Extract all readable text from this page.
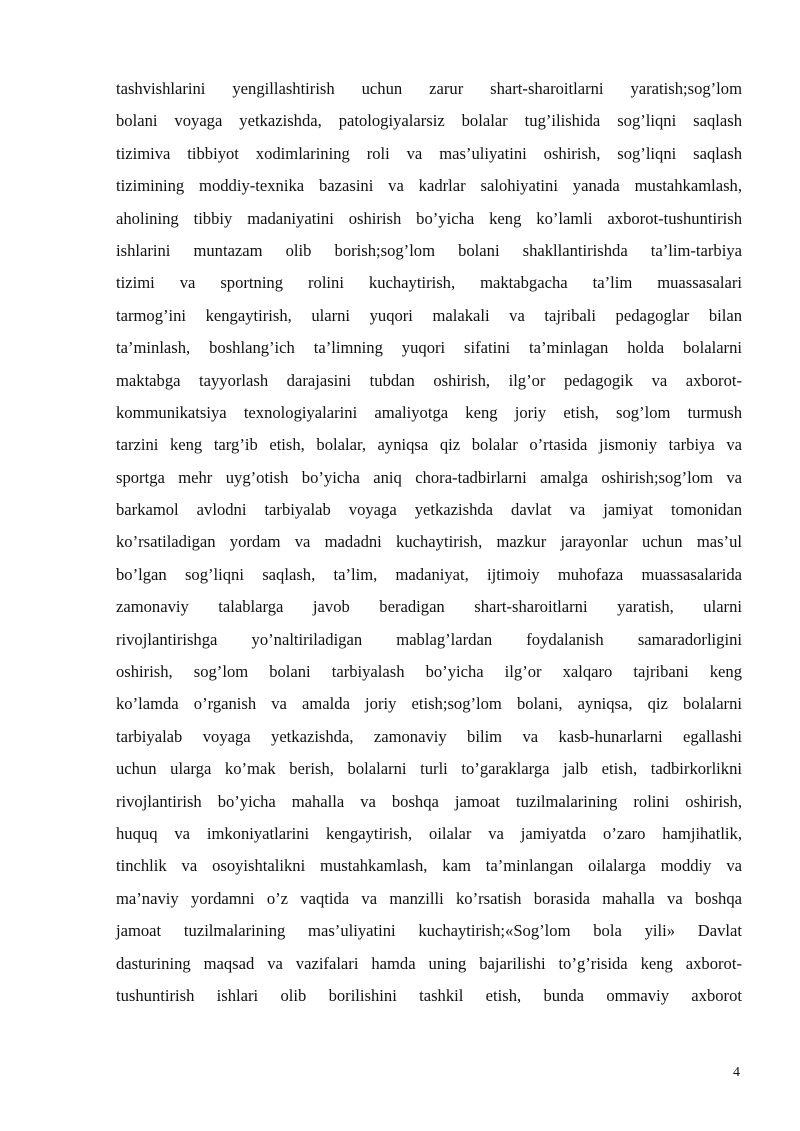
tashvishlarini yengillashtirish uchun zarur shart-sharoitlarni yaratish;sog’lom
bolani voyaga yetkazishda, patologiyalarsiz bolalar tug’ilishida sog’liqni saqlash
tizimiva tibbiyot xodimlarining roli va mas’uliyatini oshirish, sog’liqni saqlash
tizimining moddiy-texnika bazasini va kadrlar salohiyatini yanada mustahkamlash,
aholining tibbiy madaniyatini oshirish bo’yicha keng ko’lamli axborot-tushuntirish
ishlarini muntazam olib borish;sog’lom bolani shakllantirishda ta’lim-tarbiya
tizimi va sportning rolini kuchaytirish, maktabgacha ta’lim muassasalari
tarmog’ini kengaytirish, ularni yuqori malakali va tajribali pedagoglar bilan
ta’minlash, boshlang’ich ta’limning yuqori sifatini ta’minlagan holda bolalarni
maktabga tayyorlash darajasini tubdan oshirish, ilg’or pedagogik va axborot-
kommunikatsiya texnologiyalarini amaliyotga keng joriy etish, sog’lom turmush
tarzini keng targ’ib etish, bolalar, ayniqsa qiz bolalar o’rtasida jismoniy tarbiya va
sportga mehr uyg’otish bo’yicha aniq chora-tadbirlarni amalga oshirish;sog’lom va
barkamol avlodni tarbiyalab voyaga yetkazishda davlat va jamiyat tomonidan
ko’rsatiladigan yordam va madadni kuchaytirish, mazkur jarayonlar uchun mas’ul
bo’lgan sog’liqni saqlash, ta’lim, madaniyat, ijtimoiy muhofaza muassasalarida
zamonaviy talablarga javob beradigan shart-sharoitlarni yaratish, ularni
rivojlantirishga yo’naltiriladigan mablag’lardan foydalanish samaradorligini
oshirish, sog’lom bolani tarbiyalash bo’yicha ilg’or xalqaro tajribani keng
ko’lamda o’rganish va amalda joriy etish;sog’lom bolani, ayniqsa, qiz bolalarni
tarbiyalab voyaga yetkazishda, zamonaviy bilim va kasb-hunarlarni egallashi
uchun ularga ko’mak berish, bolalarni turli to’garaklarga jalb etish, tadbirkorlikni
rivojlantirish bo’yicha mahalla va boshqa jamoat tuzilmalarining rolini oshirish,
huquq va imkoniyatlarini kengaytirish, oilalar va jamiyatda o’zaro hamjihatlik,
tinchlik va osoyishtalikni mustahkamlash, kam ta’minlangan oilalarga moddiy va
ma’naviy yordamni o’z vaqtida va manzilli ko’rsatish borasida mahalla va boshqa
jamoat tuzilmalarining mas’uliyatini kuchaytirish;«Sog’lom bola yili» Davlat
dasturining maqsad va vazifalari hamda uning bajarilishi to’g’risida keng axborot-
tushuntirish ishlari olib borilishini tashkil etish, bunda ommaviy axborot
4
